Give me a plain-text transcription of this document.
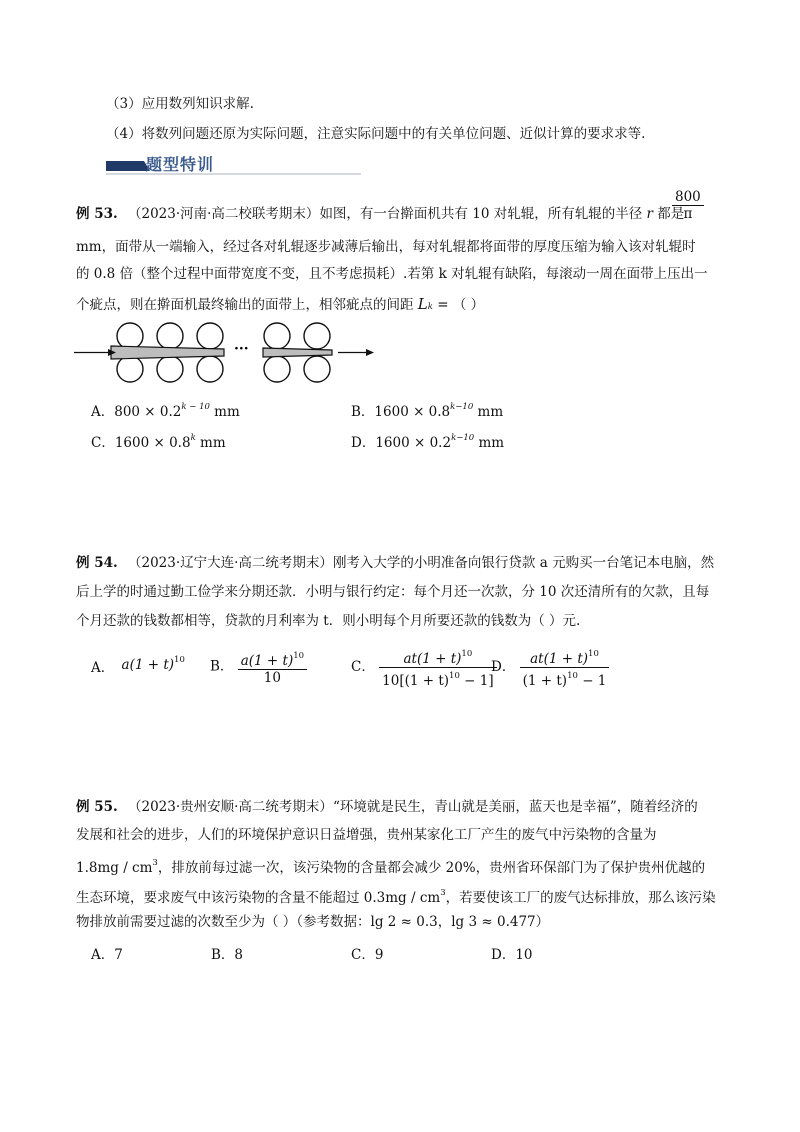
（3）应用数列知识求解.
（4）将数列问题还原为实际问题，注意实际问题中的有关单位问题、近似计算的要求求等.
题型特训
例 53. （2023·河南·高二校联考期末）如图，有一台擀面机共有 10 对轧辊，所有轧辊的半径 r 都是
$\frac{800}{\pi}$
mm，面带从一端输入，经过各对轧辊逐步减薄后输出，每对轧辊都将面带的厚度压缩为输入该对轧辊时
的 0.8 倍（整个过程中面带宽度不变，且不考虑损耗）.若第 k 对轧辊有缺陷，每滚动一周在面带上压出一
个疵点，则在擀面机最终输出的面带上，相邻疵点的间距 Lk = （ ）
···
A．$800 \times 0.2^{k - 10}$ mm	B．$1600 \times 0.8^{k-10}$ mm
C．$1600 \times 0.8^k$ mm	D．$1600 \times 0.2^{k-10}$ mm
例 54. （2023·辽宁大连·高二统考期末）刚考入大学的小明准备向银行贷款 a 元购买一台笔记本电脑，然
后上学的时通过勤工俭学来分期还款．小明与银行约定：每个月还一次款，分 10 次还清所有的欠款，且每
个月还款的钱数都相等，贷款的月利率为 t．则小明每个月所要还款的钱数为（ ）元.
A． $a(1 + t)^{10}$ B． $\frac{a(1 + t)^{10}}{10}$	C． $\frac{at(1 + t)^{10}}{10[(1 + t)^{10} - 1]}$
D． $\frac{at(1 + t)^{10}}{(1 + t)^{10} - 1}$
例 55. （2023·贵州安顺·高二统考期末）“环境就是民生，青山就是美丽，蓝天也是幸福”，随着经济的
发展和社会的进步，人们的环境保护意识日益增强，贵州某家化工厂产生的废气中污染物的含量为
$1.8mg / cm^3$，排放前每过滤一次，该污染物的含量都会减少 20%，贵州省环保部门为了保护贵州优越的
生态环境，要求废气中该污染物的含量不能超过 $0.3mg / cm^3$，若要使该工厂的废气达标排放，那么该污染
物排放前需要过滤的次数至少为（ ）（参考数据：lg 2 ≈ 0.3，lg 3 ≈ 0.477）
A．7	B．8	C．9	D．10
